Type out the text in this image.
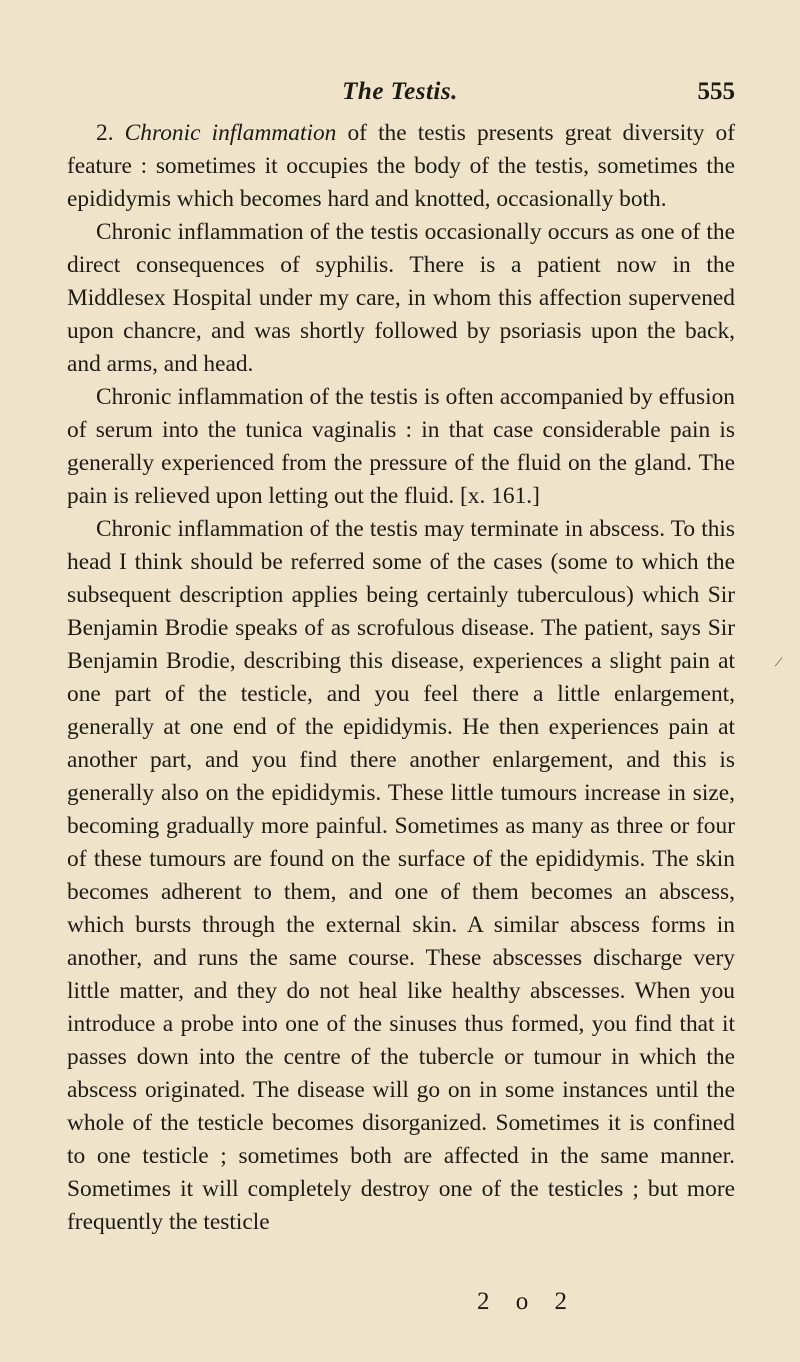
The Testis.	555

2. Chronic inflammation of the testis presents great diversity of feature : sometimes it occupies the body of the testis, sometimes the epididymis which becomes hard and knotted, occasionally both.

Chronic inflammation of the testis occasionally occurs as one of the direct consequences of syphilis. There is a patient now in the Middlesex Hospital under my care, in whom this affection supervened upon chancre, and was shortly followed by psoriasis upon the back, and arms, and head.

Chronic inflammation of the testis is often accompanied by effusion of serum into the tunica vaginalis : in that case considerable pain is generally experienced from the pressure of the fluid on the gland. The pain is relieved upon letting out the fluid. [x. 161.]

Chronic inflammation of the testis may terminate in abscess. To this head I think should be referred some of the cases (some to which the subsequent description applies being certainly tuberculous) which Sir Benjamin Brodie speaks of as scrofulous disease. The patient, says Sir Benjamin Brodie, describing this disease, experiences a slight pain at one part of the testicle, and you feel there a little enlargement, generally at one end of the epididymis. He then experiences pain at another part, and you find there another enlargement, and this is generally also on the epididymis. These little tumours increase in size, becoming gradually more painful. Sometimes as many as three or four of these tumours are found on the surface of the epididymis. The skin becomes adherent to them, and one of them becomes an abscess, which bursts through the external skin. A similar abscess forms in another, and runs the same course. These abscesses discharge very little matter, and they do not heal like healthy abscesses. When you introduce a probe into one of the sinuses thus formed, you find that it passes down into the centre of the tubercle or tumour in which the abscess originated. The disease will go on in some instances until the whole of the testicle becomes disorganized. Sometimes it is confined to one testicle ; sometimes both are affected in the same manner. Sometimes it will completely destroy one of the testicles ; but more frequently the testicle

2 o 2
/
